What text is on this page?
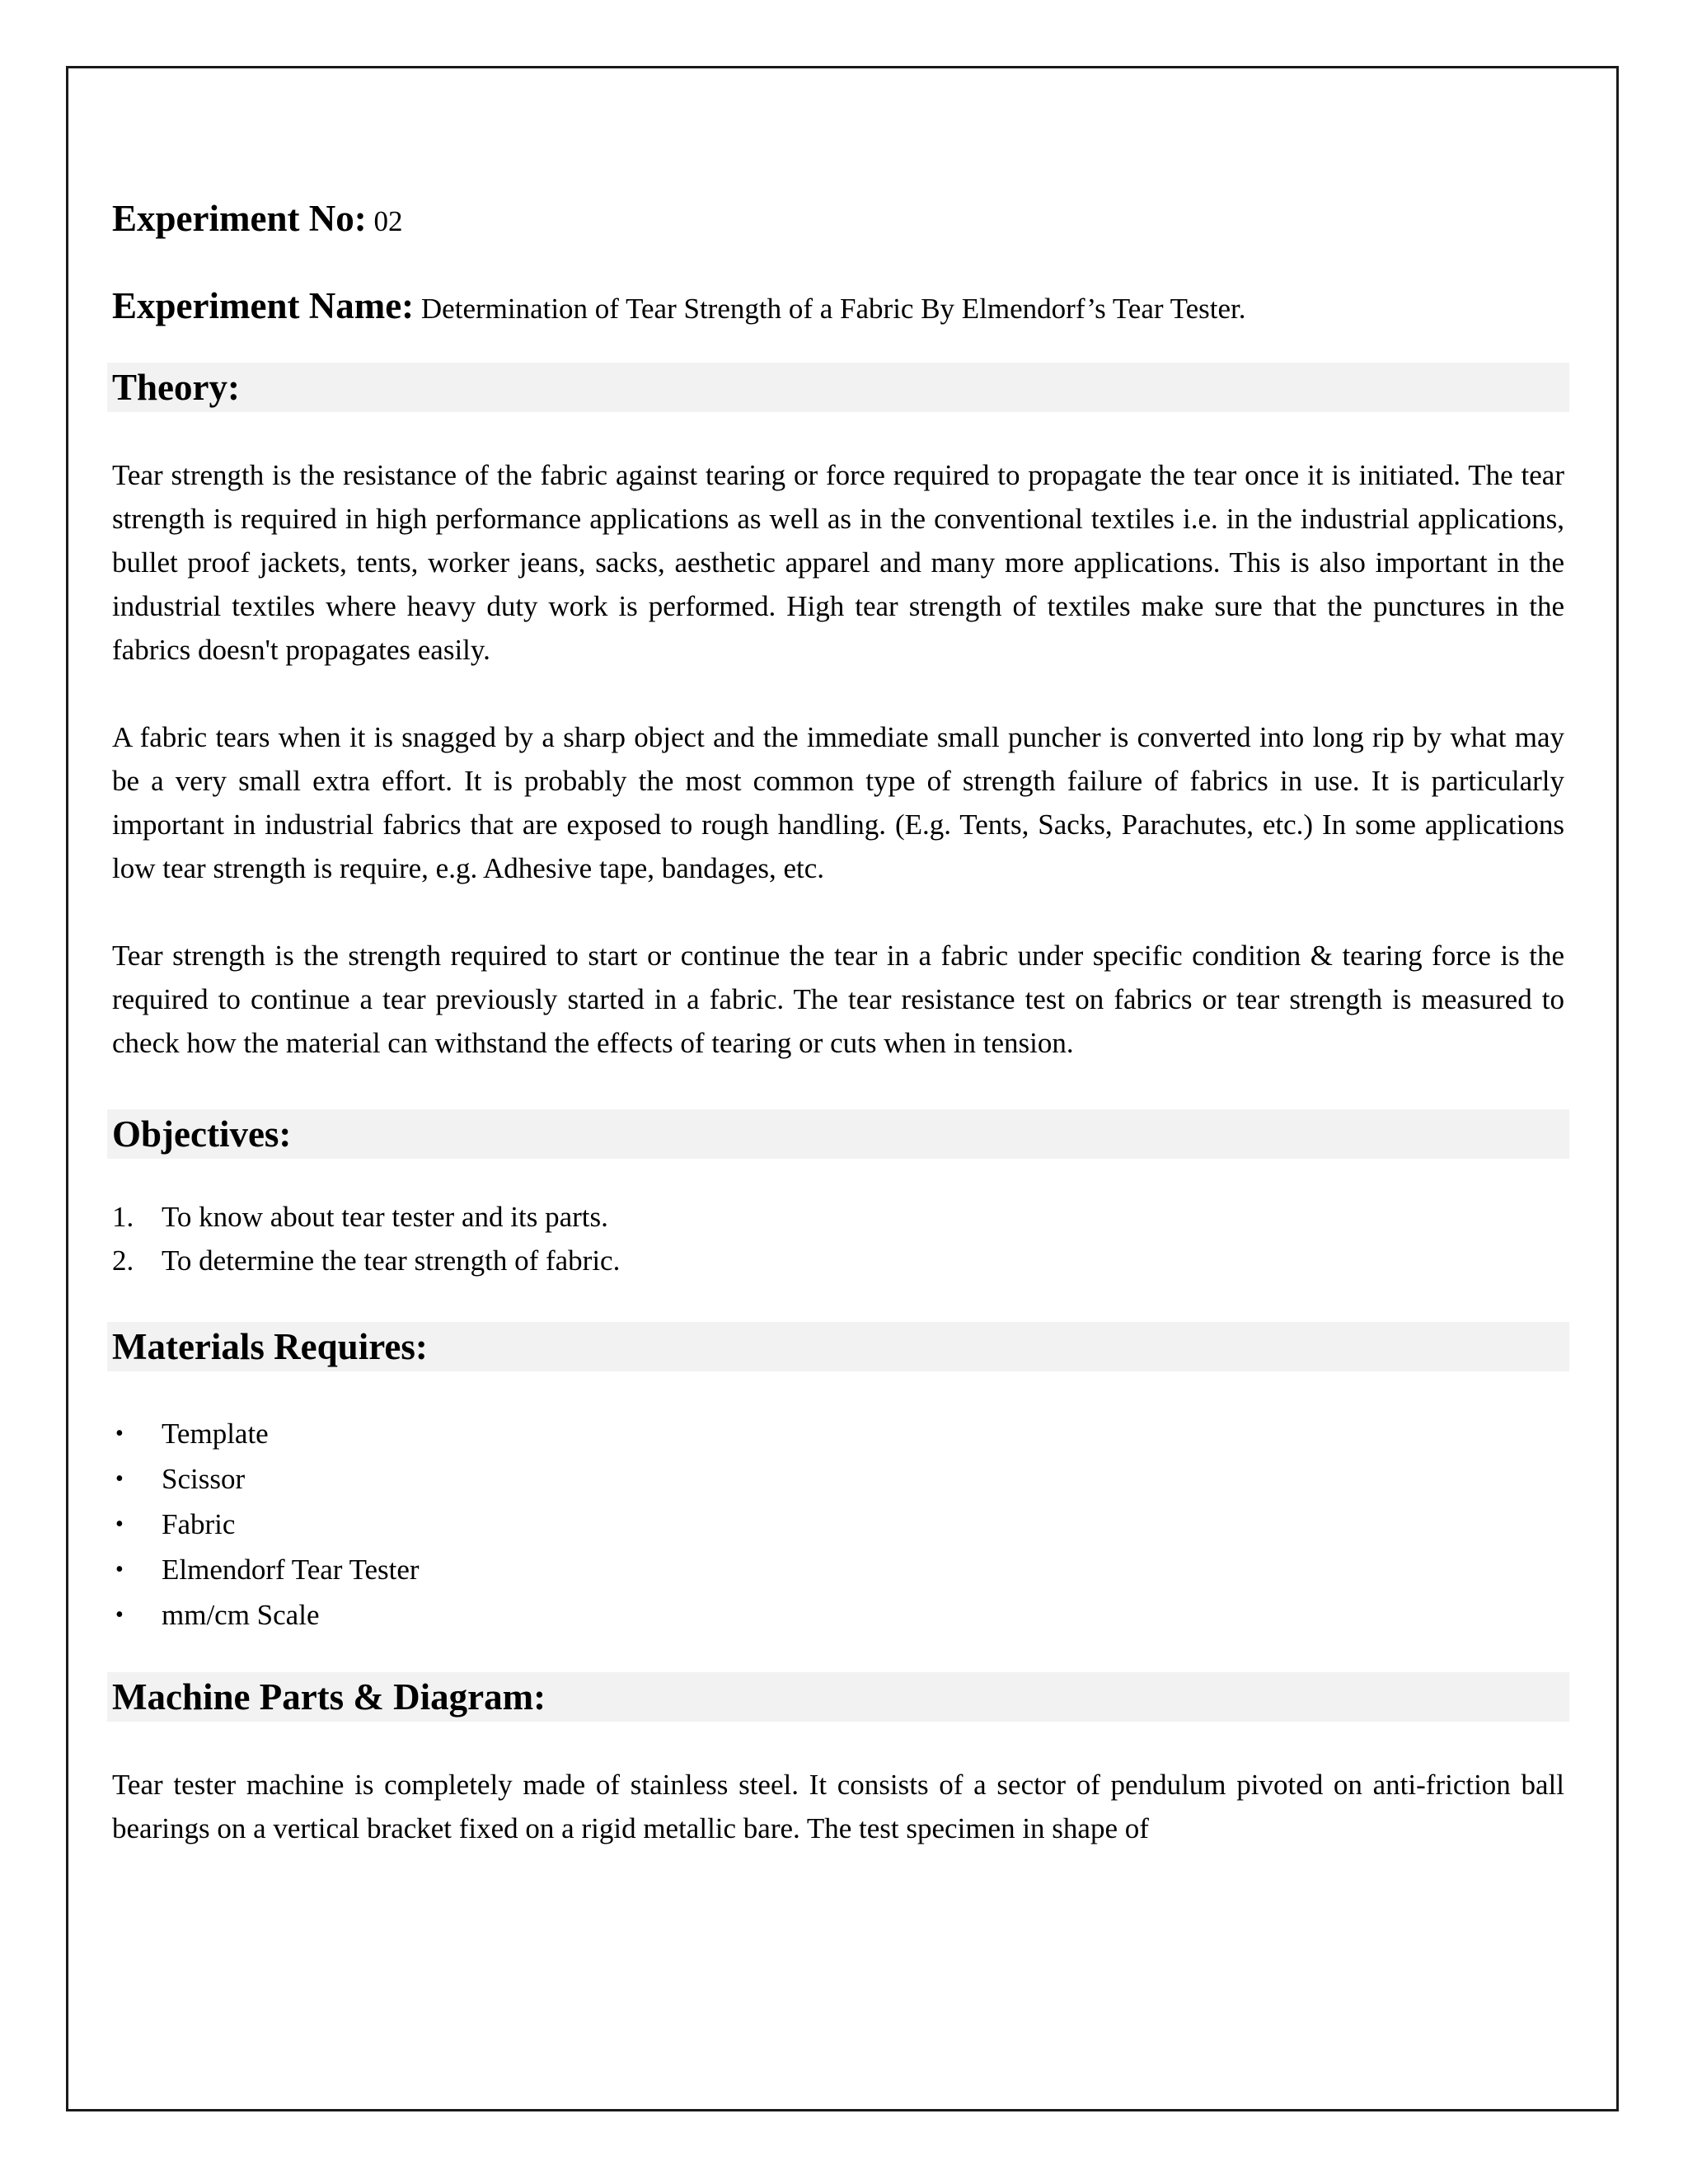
Experiment No: 02

Experiment Name: Determination of Tear Strength of a Fabric By Elmendorf’s Tear Tester.

Theory:

Tear strength is the resistance of the fabric against tearing or force required to propagate the tear once it is initiated. The tear strength is required in high performance applications as well as in the conventional textiles i.e. in the industrial applications, bullet proof jackets, tents, worker jeans, sacks, aesthetic apparel and many more applications. This is also important in the industrial textiles where heavy duty work is performed. High tear strength of textiles make sure that the punctures in the fabrics doesn't propagates easily.

A fabric tears when it is snagged by a sharp object and the immediate small puncher is converted into long rip by what may be a very small extra effort. It is probably the most common type of strength failure of fabrics in use. It is particularly important in industrial fabrics that are exposed to rough handling. (E.g. Tents, Sacks, Parachutes, etc.) In some applications low tear strength is require, e.g. Adhesive tape, bandages, etc.

Tear strength is the strength required to start or continue the tear in a fabric under specific condition & tearing force is the required to continue a tear previously started in a fabric. The tear resistance test on fabrics or tear strength is measured to check how the material can withstand the effects of tearing or cuts when in tension.

Objectives:
1. To know about tear tester and its parts.
2. To determine the tear strength of fabric.
Materials Requires:
• Template
• Scissor
• Fabric
• Elmendorf Tear Tester
• mm/cm Scale
Machine Parts & Diagram:

Tear tester machine is completely made of stainless steel. It consists of a sector of pendulum pivoted on anti-friction ball bearings on a vertical bracket fixed on a rigid metallic bare. The test specimen in shape of
